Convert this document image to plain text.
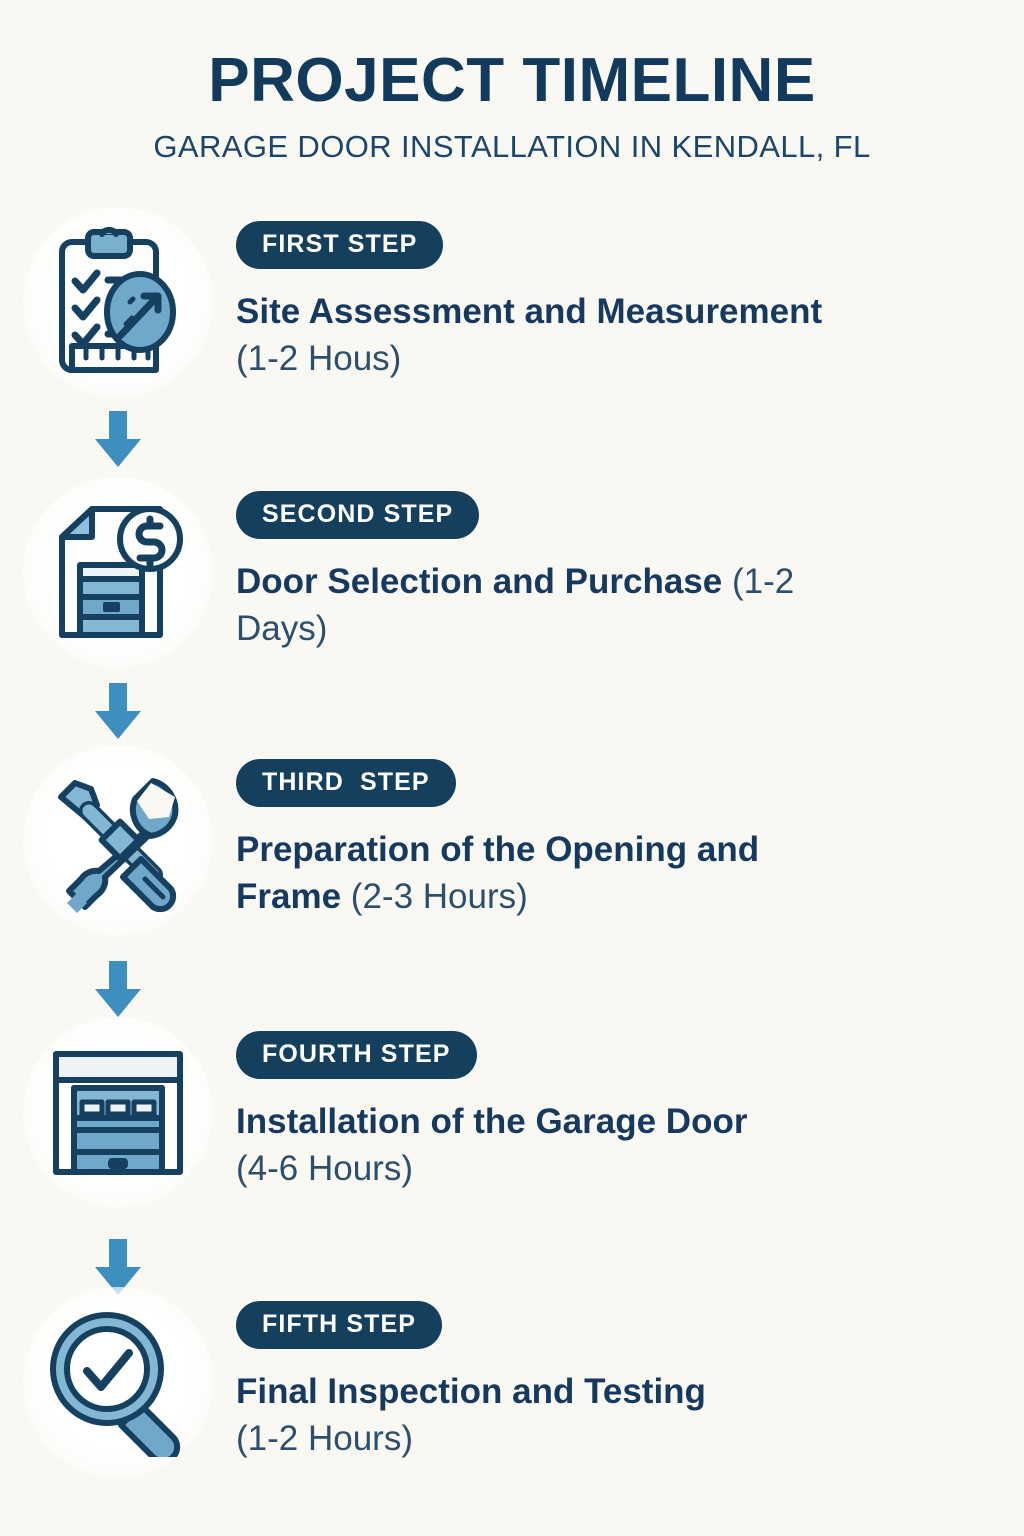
PROJECT TIMELINE
GARAGE DOOR INSTALLATION IN KENDALL, FL
FIRST STEP
Site Assessment and Measurement (1-2 Hous)
SECOND STEP
Door Selection and Purchase (1-2 Days)
THIRD  STEP
Preparation of the Opening and Frame (2-3 Hours)
FOURTH STEP
Installation of the Garage Door
(4-6 Hours)
FIFTH STEP
Final Inspection and Testing
(1-2 Hours)
